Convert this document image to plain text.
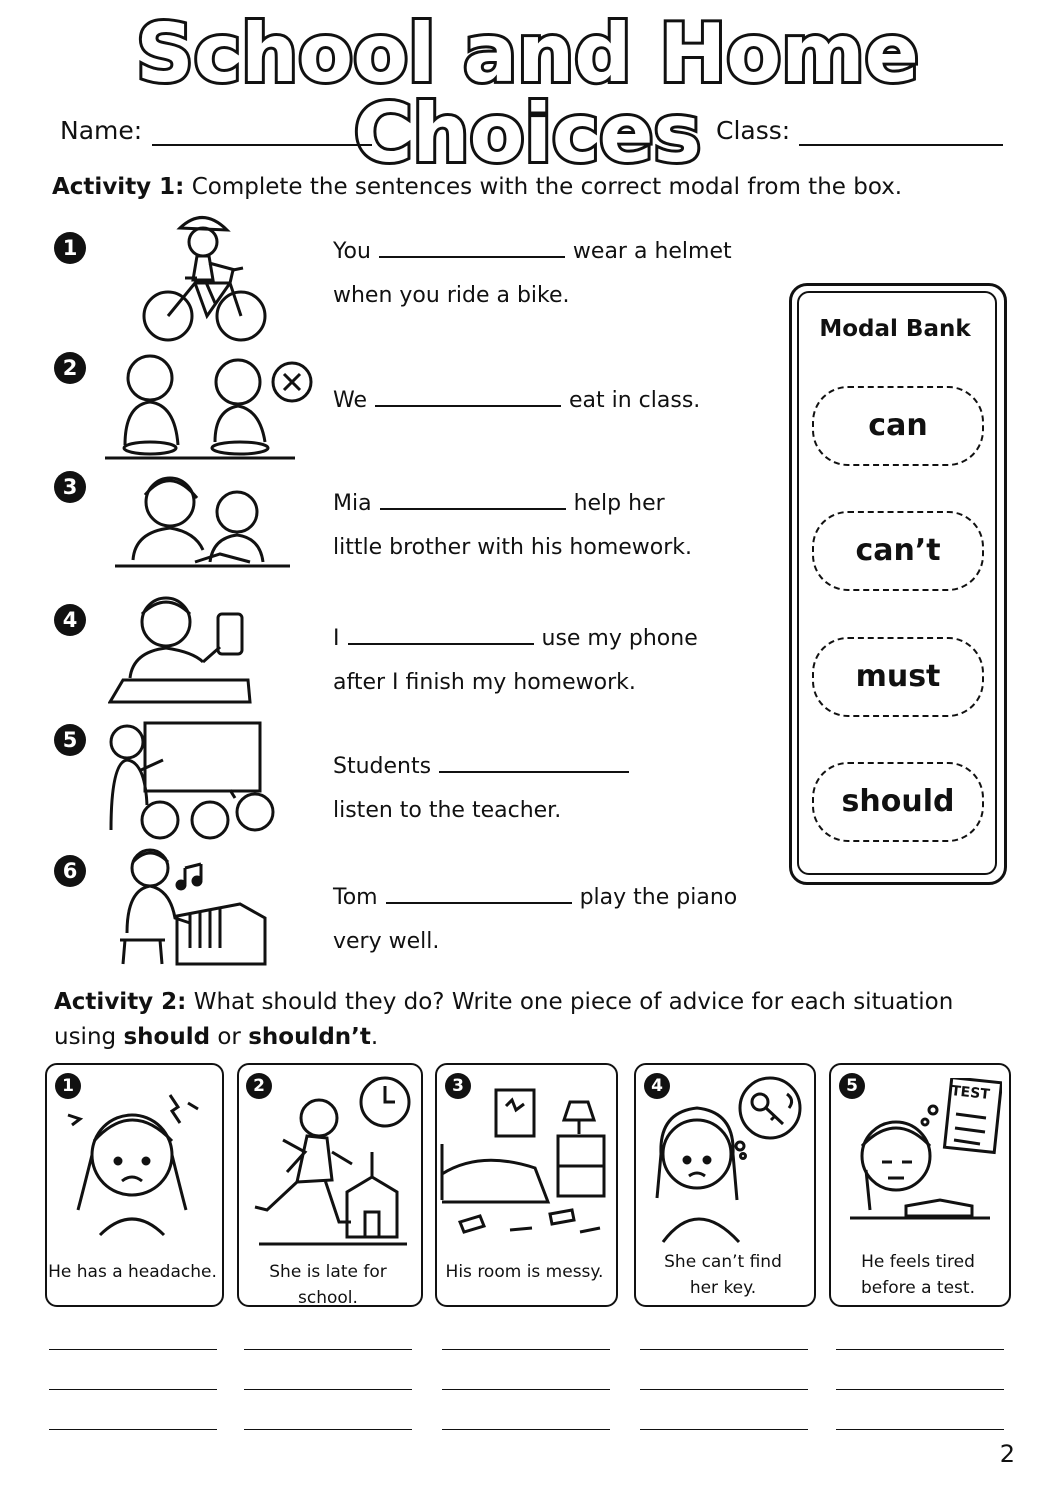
School and Home Choices
Name:	Class:
Activity 1: Complete the sentences with the correct modal from the box.
1
2
3
4
5
6
You	wear a helmet
when you ride a bike.
We	eat in class.
Mia	help her
little brother with his homework.
I	use my phone
after I finish my homework.
Students
listen to the teacher.
Tom	play the piano
very well.
Modal Bank
can
can’t
must
should
Activity 2: What should they do? Write one piece of advice for each situation
using should or shouldn’t.
1	2	3	4	5	TEST
He has a headache.	She is late for school.
His room is messy.	She can’t find
her key.
He feels tired
before a test.
2
